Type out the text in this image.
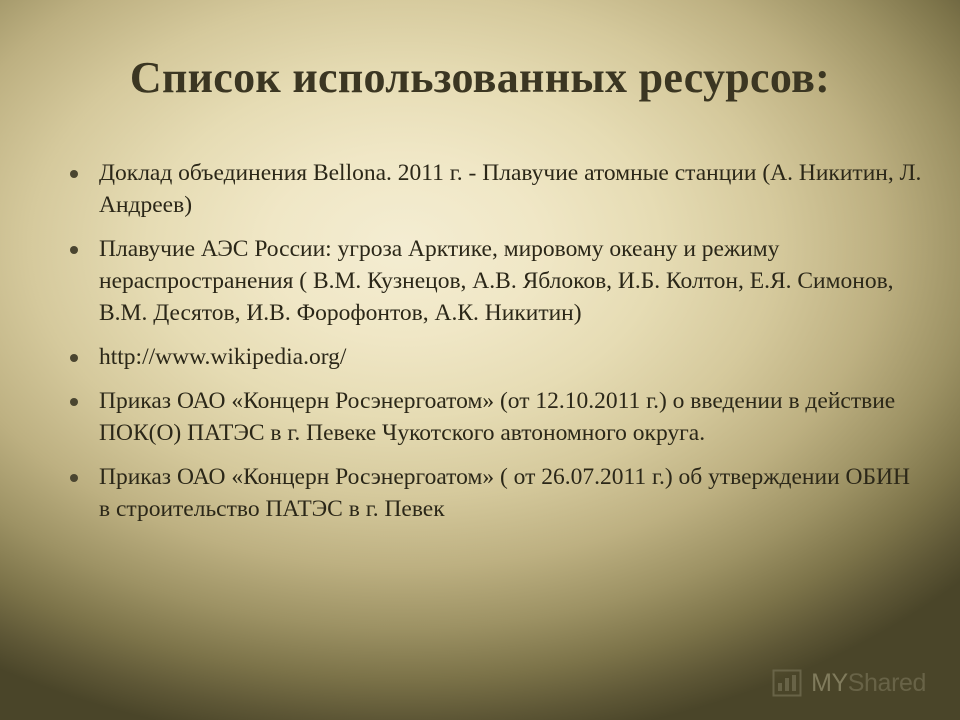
Список использованных ресурсов:
Доклад объединения Bellona. 2011 г. - Плавучие атомные станции (А. Никитин, Л. Андреев)
Плавучие АЭС России: угроза Арктике, мировому океану и режиму нераспространения ( В.М. Кузнецов, А.В. Яблоков, И.Б. Колтон, Е.Я. Симонов, В.М. Десятов, И.В. Форофонтов, А.К. Никитин)
http://www.wikipedia.org/
Приказ ОАО «Концерн Росэнергоатом» (от 12.10.2011 г.) о введении в действие ПОК(О) ПАТЭС в г. Певеке Чукотского автономного округа.
Приказ ОАО «Концерн Росэнергоатом» ( от 26.07.2011 г.) об утверждении ОБИН в строительство ПАТЭС в г. Певек
MYShared
